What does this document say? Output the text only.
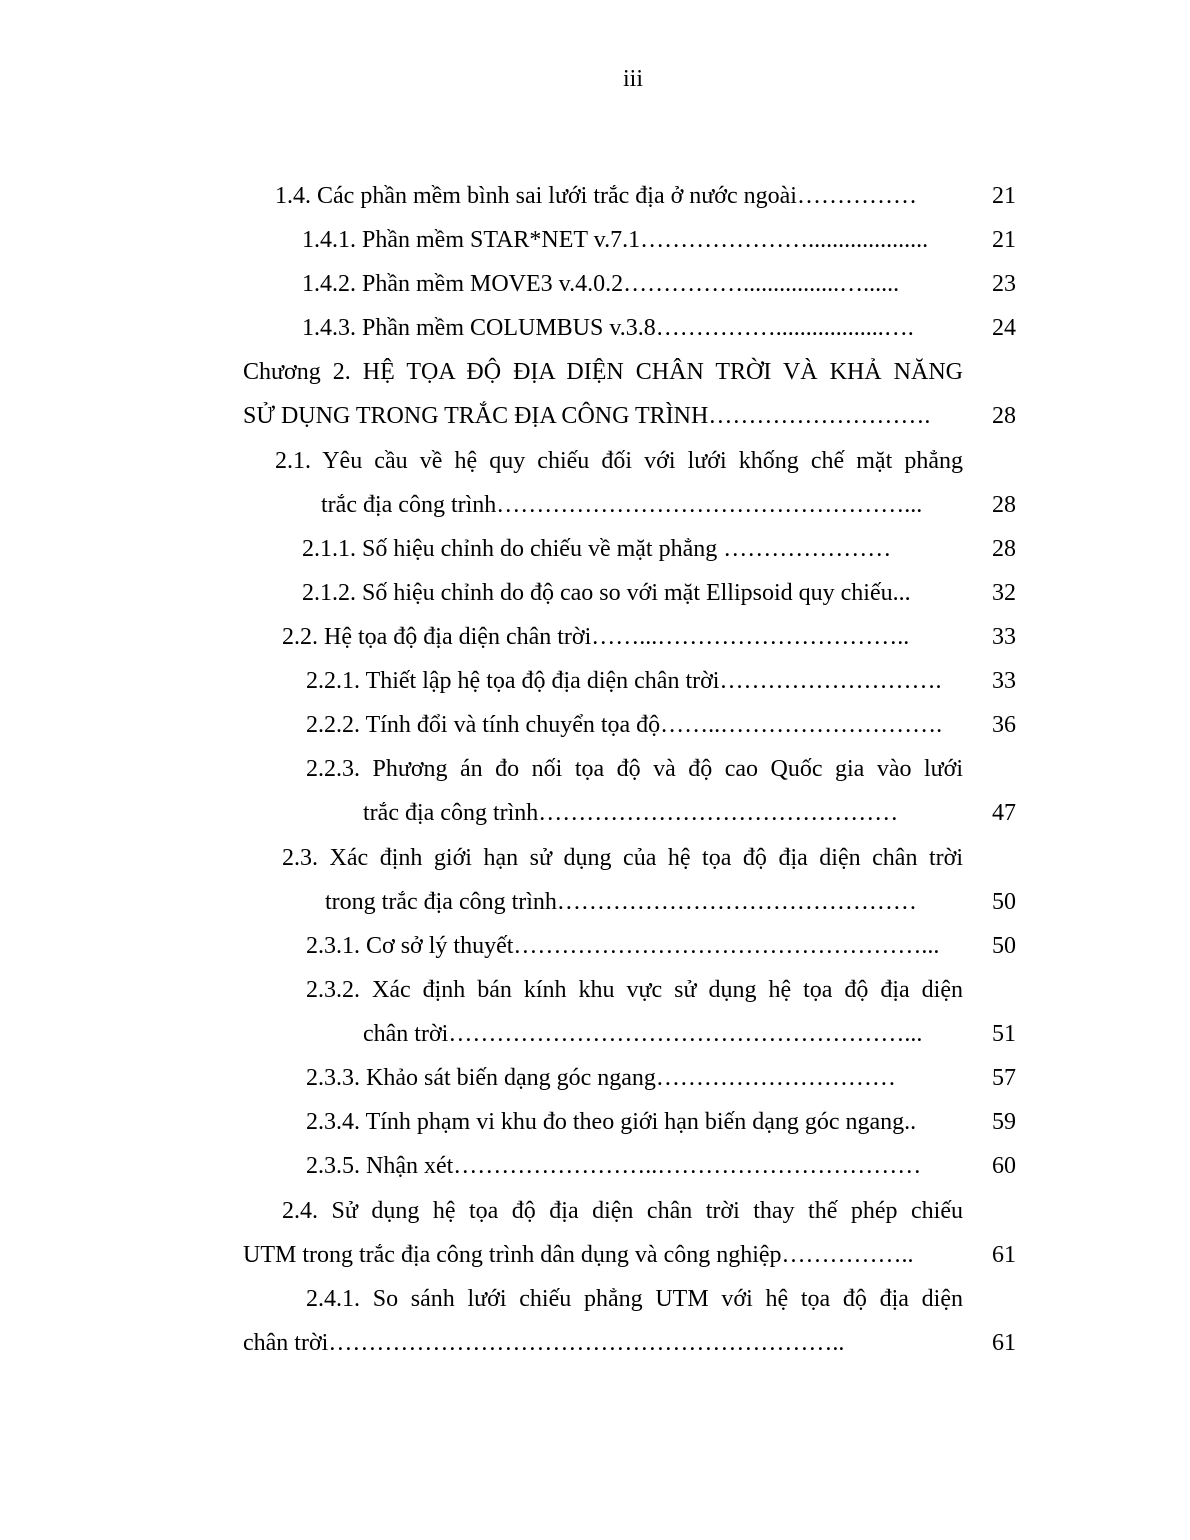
iii
1.4. Các phần mềm bình sai lưới trắc địa ở nước ngoài……………	21
1.4.1. Phần mềm STAR*NET v.7.1…………………....................	21
1.4.2. Phần mềm MOVE3 v.4.0.2……………................…......	23
1.4.3. Phần mềm COLUMBUS v.3.8……………..................….	24
Chương 2. HỆ TỌA ĐỘ ĐỊA DIỆN CHÂN TRỜI VÀ KHẢ NĂNG
SỬ DỤNG TRONG TRẮC ĐỊA CÔNG TRÌNH……………………….	28
2.1. Yêu cầu về hệ quy chiếu đối với lưới khống chế mặt phẳng
trắc địa công trình……………………………………………...	28
2.1.1. Số hiệu chỉnh do chiếu về mặt phẳng …………………	28
2.1.2. Số hiệu chỉnh do độ cao so với mặt Ellipsoid quy chiếu...	32
2.2. Hệ tọa độ địa diện chân trời……...…………………………..	33
2.2.1. Thiết lập hệ tọa độ địa diện chân trời……………………….	33
2.2.2. Tính đổi và tính chuyển tọa độ……..……………………….	36
2.2.3. Phương án đo nối tọa độ và độ cao Quốc gia vào lưới
trắc địa công trình………………………………………	47
2.3. Xác định giới hạn sử dụng của hệ tọa độ địa diện chân trời
trong trắc địa công trình………………………………………	50
2.3.1. Cơ sở lý thuyết……………………………………………...	50
2.3.2. Xác định bán kính khu vực sử dụng hệ tọa độ địa diện
chân trời…………………………………………………...	51
2.3.3. Khảo sát biến dạng góc ngang…………………………	57
2.3.4. Tính phạm vi khu đo theo giới hạn biến dạng góc ngang..	59
2.3.5. Nhận xét……………………..……………………………	60
2.4. Sử dụng hệ tọa độ địa diện chân trời thay thế phép chiếu
UTM trong trắc địa công trình dân dụng và công nghiệp……………..	61
2.4.1. So sánh lưới chiếu phẳng UTM với hệ tọa độ địa diện
chân trời………………………………………………………..	61
